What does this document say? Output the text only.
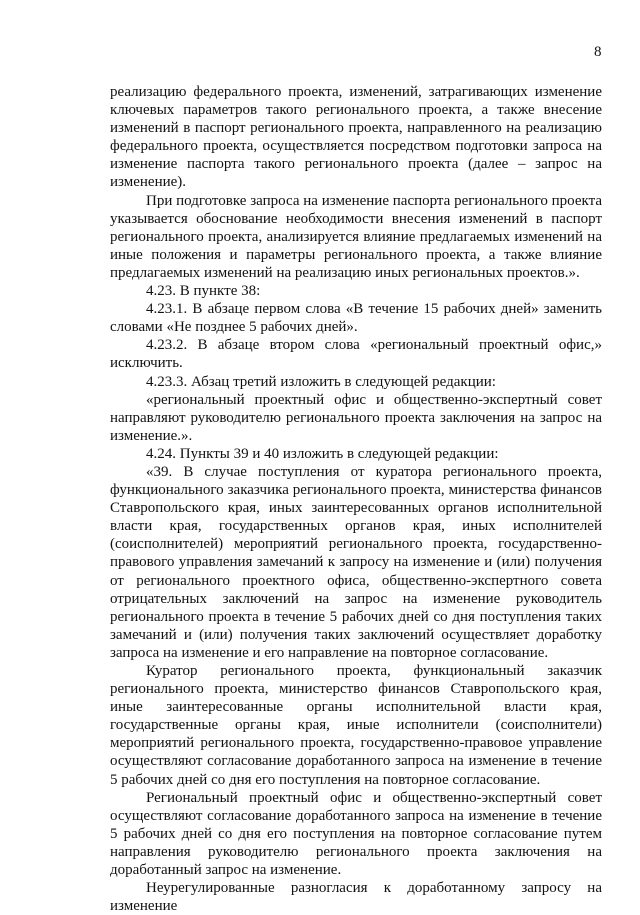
8

реализацию федерального проекта, изменений, затрагивающих изменение ключевых параметров такого регионального проекта, а также внесение изменений в паспорт регионального проекта, направленного на реализацию федерального проекта, осуществляется посредством подготовки запроса на изменение паспорта такого регионального проекта (далее – запрос на изменение).

При подготовке запроса на изменение паспорта регионального проекта указывается обоснование необходимости внесения изменений в паспорт регионального проекта, анализируется влияние предлагаемых изменений на иные положения и параметры регионального проекта, а также влияние предлагаемых изменений на реализацию иных региональных проектов.».

4.23. В пункте 38:

4.23.1. В абзаце первом слова «В течение 15 рабочих дней» заменить словами «Не позднее 5 рабочих дней».

4.23.2. В абзаце втором слова «региональный проектный офис,» исключить.

4.23.3. Абзац третий изложить в следующей редакции:

«региональный проектный офис и общественно-экспертный совет направляют руководителю регионального проекта заключения на запрос на изменение.».

4.24. Пункты 39 и 40 изложить в следующей редакции:

«39. В случае поступления от куратора регионального проекта, функционального заказчика регионального проекта, министерства финансов Ставропольского края, иных заинтересованных органов исполнительной власти края, государственных органов края, иных исполнителей (соисполнителей) мероприятий регионального проекта, государственно-правового управления замечаний к запросу на изменение и (или) получения от регионального проектного офиса, общественно-экспертного совета отрицательных заключений на запрос на изменение руководитель регионального проекта в течение 5 рабочих дней со дня поступления таких замечаний и (или) получения таких заключений осуществляет доработку запроса на изменение и его направление на повторное согласование.

Куратор регионального проекта, функциональный заказчик регионального проекта, министерство финансов Ставропольского края, иные заинтересованные органы исполнительной власти края, государственные органы края, иные исполнители (соисполнители) мероприятий регионального проекта, государственно-правовое управление осуществляют согласование доработанного запроса на изменение в течение 5 рабочих дней со дня его поступления на повторное согласование.

Региональный проектный офис и общественно-экспертный совет осуществляют согласование доработанного запроса на изменение в течение 5 рабочих дней со дня его поступления на повторное согласование путем направления руководителю регионального проекта заключения на доработанный запрос на изменение.

Неурегулированные разногласия к доработанному запросу на изменение
